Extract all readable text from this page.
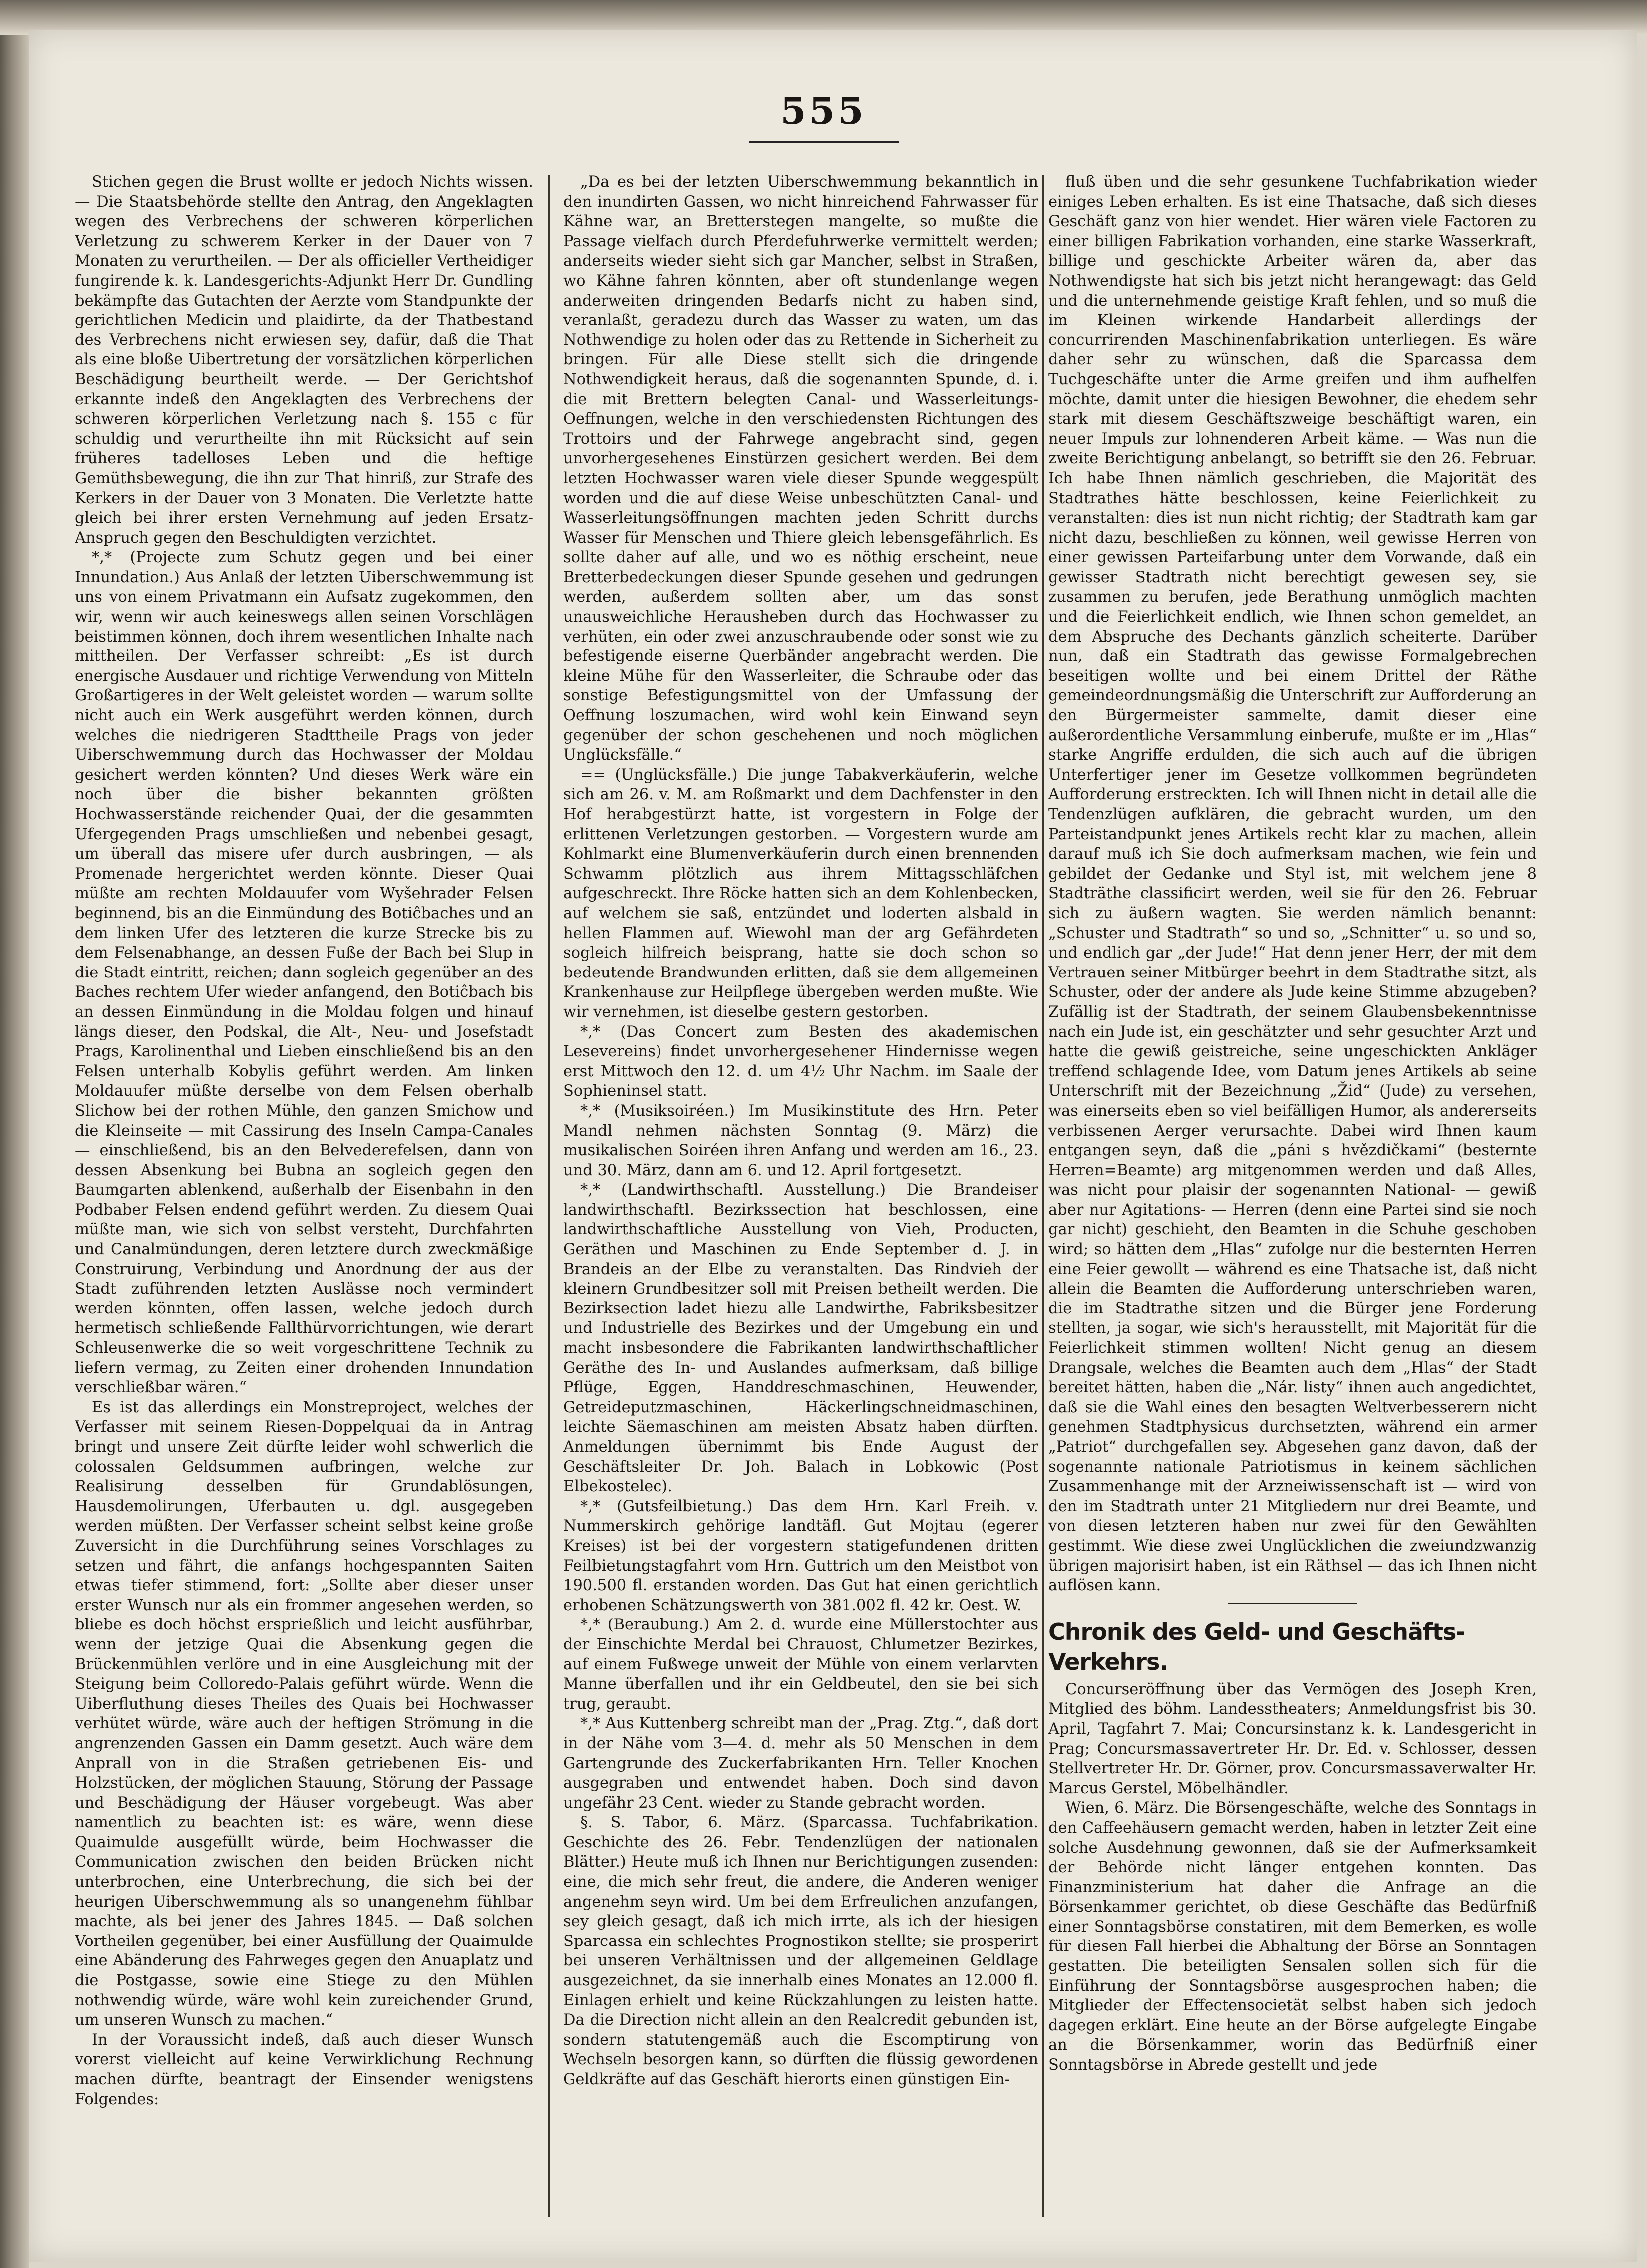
555

Stichen gegen die Brust wollte er jedoch Nichts wissen. — Die Staatsbehörde stellte den Antrag, den Angeklagten wegen des Verbrechens der schweren körperlichen Verletzung zu schwerem Kerker in der Dauer von 7 Monaten zu verurtheilen. — Der als officieller Vertheidiger fungirende k. k. Landesgerichts-Adjunkt Herr Dr. Gundling bekämpfte das Gutachten der Aerzte vom Standpunkte der gerichtlichen Medicin und plaidirte, da der Thatbestand des Verbrechens nicht erwiesen sey, dafür, daß die That als eine bloße Uibertretung der vorsätzlichen körperlichen Beschädigung beurtheilt werde. — Der Gerichtshof erkannte indeß den Angeklagten des Verbrechens der schweren körperlichen Verletzung nach §. 155 c für schuldig und verurtheilte ihn mit Rücksicht auf sein früheres tadelloses Leben und die heftige Gemüthsbewegung, die ihn zur That hinriß, zur Strafe des Kerkers in der Dauer von 3 Monaten. Die Verletzte hatte gleich bei ihrer ersten Vernehmung auf jeden Ersatz-Anspruch gegen den Beschuldigten verzichtet.

*,* (Projecte zum Schutz gegen und bei einer Innundation.) Aus Anlaß der letzten Uiberschwemmung ist uns von einem Privatmann ein Aufsatz zugekommen, den wir, wenn wir auch keineswegs allen seinen Vorschlägen beistimmen können, doch ihrem wesentlichen Inhalte nach mittheilen. Der Verfasser schreibt: „Es ist durch energische Ausdauer und richtige Verwendung von Mitteln Großartigeres in der Welt geleistet worden — warum sollte nicht auch ein Werk ausgeführt werden können, durch welches die niedrigeren Stadttheile Prags von jeder Uiberschwemmung durch das Hochwasser der Moldau gesichert werden könnten? Und dieses Werk wäre ein noch über die bisher bekannten größten Hochwasserstände reichender Quai, der die gesammten Ufergegenden Prags umschließen und nebenbei gesagt, um überall das misere ufer durch ausbringen, — als Promenade hergerichtet werden könnte. Dieser Quai müßte am rechten Moldauufer vom Wyšehrader Felsen beginnend, bis an die Einmündung des Botiĉbaches und an dem linken Ufer des letzteren die kurze Strecke bis zu dem Felsenabhange, an dessen Fuße der Bach bei Slup in die Stadt eintritt, reichen; dann sogleich gegenüber an des Baches rechtem Ufer wieder anfangend, den Botiĉbach bis an dessen Einmündung in die Moldau folgen und hinauf längs dieser, den Podskal, die Alt-, Neu- und Josefstadt Prags, Karolinenthal und Lieben einschließend bis an den Felsen unterhalb Kobylis geführt werden. Am linken Moldauufer müßte derselbe von dem Felsen oberhalb Slichow bei der rothen Mühle, den ganzen Smichow und die Kleinseite — mit Cassirung des Inseln Campa-Canales — einschließend, bis an den Belvederefelsen, dann von dessen Absenkung bei Bubna an sogleich gegen den Baumgarten ablenkend, außerhalb der Eisenbahn in den Podbaber Felsen endend geführt werden. Zu diesem Quai müßte man, wie sich von selbst versteht, Durchfahrten und Canalmündungen, deren letztere durch zweckmäßige Construirung, Verbindung und Anordnung der aus der Stadt zuführenden letzten Auslässe noch vermindert werden könnten, offen lassen, welche jedoch durch hermetisch schließende Fallthürvorrichtungen, wie derart Schleusenwerke die so weit vorgeschrittene Technik zu liefern vermag, zu Zeiten einer drohenden Innundation verschließbar wären.“

Es ist das allerdings ein Monstreproject, welches der Verfasser mit seinem Riesen-Doppelquai da in Antrag bringt und unsere Zeit dürfte leider wohl schwerlich die colossalen Geldsummen aufbringen, welche zur Realisirung desselben für Grundablösungen, Hausdemolirungen, Uferbauten u. dgl. ausgegeben werden müßten. Der Verfasser scheint selbst keine große Zuversicht in die Durchführung seines Vorschlages zu setzen und fährt, die anfangs hochgespannten Saiten etwas tiefer stimmend, fort: „Sollte aber dieser unser erster Wunsch nur als ein frommer angesehen werden, so bliebe es doch höchst ersprießlich und leicht ausführbar, wenn der jetzige Quai die Absenkung gegen die Brückenmühlen verlöre und in eine Ausgleichung mit der Steigung beim Colloredo-Palais geführt würde. Wenn die Uiberfluthung dieses Theiles des Quais bei Hochwasser verhütet würde, wäre auch der heftigen Strömung in die angrenzenden Gassen ein Damm gesetzt. Auch wäre dem Anprall von in die Straßen getriebenen Eis- und Holzstücken, der möglichen Stauung, Störung der Passage und Beschädigung der Häuser vorgebeugt. Was aber namentlich zu beachten ist: es wäre, wenn diese Quaimulde ausgefüllt würde, beim Hochwasser die Communication zwischen den beiden Brücken nicht unterbrochen, eine Unterbrechung, die sich bei der heurigen Uiberschwemmung als so unangenehm fühlbar machte, als bei jener des Jahres 1845. — Daß solchen Vortheilen gegenüber, bei einer Ausfüllung der Quaimulde eine Abänderung des Fahrweges gegen den Anuaplatz und die Postgasse, sowie eine Stiege zu den Mühlen nothwendig würde, wäre wohl kein zureichender Grund, um unseren Wunsch zu machen.“

In der Voraussicht indeß, daß auch dieser Wunsch vorerst vielleicht auf keine Verwirklichung Rechnung machen dürfte, beantragt der Einsender wenigstens Folgendes:

„Da es bei der letzten Uiberschwemmung bekanntlich in den inundirten Gassen, wo nicht hinreichend Fahrwasser für Kähne war, an Bretterstegen mangelte, so mußte die Passage vielfach durch Pferdefuhrwerke vermittelt werden; anderseits wieder sieht sich gar Mancher, selbst in Straßen, wo Kähne fahren könnten, aber oft stundenlange wegen anderweiten dringenden Bedarfs nicht zu haben sind, veranlaßt, geradezu durch das Wasser zu waten, um das Nothwendige zu holen oder das zu Rettende in Sicherheit zu bringen. Für alle Diese stellt sich die dringende Nothwendigkeit heraus, daß die sogenannten Spunde, d. i. die mit Brettern belegten Canal- und Wasserleitungs-Oeffnungen, welche in den verschiedensten Richtungen des Trottoirs und der Fahrwege angebracht sind, gegen unvorhergesehenes Einstürzen gesichert werden. Bei dem letzten Hochwasser waren viele dieser Spunde weggespült worden und die auf diese Weise unbeschützten Canal- und Wasserleitungsöffnungen machten jeden Schritt durchs Wasser für Menschen und Thiere gleich lebensgefährlich. Es sollte daher auf alle, und wo es nöthig erscheint, neue Bretterbedeckungen dieser Spunde gesehen und gedrungen werden, außerdem sollten aber, um das sonst unausweichliche Herausheben durch das Hochwasser zu verhüten, ein oder zwei anzuschraubende oder sonst wie zu befestigende eiserne Querbänder angebracht werden. Die kleine Mühe für den Wasserleiter, die Schraube oder das sonstige Befestigungsmittel von der Umfassung der Oeffnung loszumachen, wird wohl kein Einwand seyn gegenüber der schon geschehenen und noch möglichen Unglücksfälle.“

== (Unglücksfälle.) Die junge Tabakverkäuferin, welche sich am 26. v. M. am Roßmarkt und dem Dachfenster in den Hof herabgestürzt hatte, ist vorgestern in Folge der erlittenen Verletzungen gestorben. — Vorgestern wurde am Kohlmarkt eine Blumenverkäuferin durch einen brennenden Schwamm plötzlich aus ihrem Mittagsschläfchen aufgeschreckt. Ihre Röcke hatten sich an dem Kohlenbecken, auf welchem sie saß, entzündet und loderten alsbald in hellen Flammen auf. Wiewohl man der arg Gefährdeten sogleich hilfreich beisprang, hatte sie doch schon so bedeutende Brandwunden erlitten, daß sie dem allgemeinen Krankenhause zur Heilpflege übergeben werden mußte. Wie wir vernehmen, ist dieselbe gestern gestorben.

*,* (Das Concert zum Besten des akademischen Lesevereins) findet unvorhergesehener Hindernisse wegen erst Mittwoch den 12. d. um 4½ Uhr Nachm. im Saale der Sophieninsel statt.

*,* (Musiksoiréen.) Im Musikinstitute des Hrn. Peter Mandl nehmen nächsten Sonntag (9. März) die musikalischen Soiréen ihren Anfang und werden am 16., 23. und 30. März, dann am 6. und 12. April fortgesetzt.

*,* (Landwirthschaftl. Ausstellung.) Die Brandeiser landwirthschaftl. Bezirkssection hat beschlossen, eine landwirthschaftliche Ausstellung von Vieh, Producten, Geräthen und Maschinen zu Ende September d. J. in Brandeis an der Elbe zu veranstalten. Das Rindvieh der kleinern Grundbesitzer soll mit Preisen betheilt werden. Die Bezirksection ladet hiezu alle Landwirthe, Fabriksbesitzer und Industrielle des Bezirkes und der Umgebung ein und macht insbesondere die Fabrikanten landwirthschaftlicher Geräthe des In- und Auslandes aufmerksam, daß billige Pflüge, Eggen, Handdreschmaschinen, Heuwender, Getreideputzmaschinen, Häckerlingschneidmaschinen, leichte Säemaschinen am meisten Absatz haben dürften. Anmeldungen übernimmt bis Ende August der Geschäftsleiter Dr. Joh. Balach in Lobkowic (Post Elbekostelec).

*,* (Gutsfeilbietung.) Das dem Hrn. Karl Freih. v. Nummerskirch gehörige landtäfl. Gut Mojtau (egerer Kreises) ist bei der vorgestern statigefundenen dritten Feilbietungstagfahrt vom Hrn. Guttrich um den Meistbot von 190.500 fl. erstanden worden. Das Gut hat einen gerichtlich erhobenen Schätzungswerth von 381.002 fl. 42 kr. Oest. W.

*,* (Beraubung.) Am 2. d. wurde eine Müllerstochter aus der Einschichte Merdal bei Chrauost, Chlumetzer Bezirkes, auf einem Fußwege unweit der Mühle von einem verlarvten Manne überfallen und ihr ein Geldbeutel, den sie bei sich trug, geraubt.

*,* Aus Kuttenberg schreibt man der „Prag. Ztg.“, daß dort in der Nähe vom 3—4. d. mehr als 50 Menschen in dem Gartengrunde des Zuckerfabrikanten Hrn. Teller Knochen ausgegraben und entwendet haben. Doch sind davon ungefähr 23 Cent. wieder zu Stande gebracht worden.

§. S. Tabor, 6. März. (Sparcassa. Tuchfabrikation. Geschichte des 26. Febr. Tendenzlügen der nationalen Blätter.) Heute muß ich Ihnen nur Berichtigungen zusenden: eine, die mich sehr freut, die andere, die Anderen weniger angenehm seyn wird. Um bei dem Erfreulichen anzufangen, sey gleich gesagt, daß ich mich irrte, als ich der hiesigen Sparcassa ein schlechtes Prognostikon stellte; sie prosperirt bei unseren Verhältnissen und der allgemeinen Geldlage ausgezeichnet, da sie innerhalb eines Monates an 12.000 fl. Einlagen erhielt und keine Rückzahlungen zu leisten hatte. Da die Direction nicht allein an den Realcredit gebunden ist, sondern statutengemäß auch die Escomptirung von Wechseln besorgen kann, so dürften die flüssig gewordenen Geldkräfte auf das Geschäft hierorts einen günstigen Ein-

fluß üben und die sehr gesunkene Tuchfabrikation wieder einiges Leben erhalten. Es ist eine Thatsache, daß sich dieses Geschäft ganz von hier wendet. Hier wären viele Factoren zu einer billigen Fabrikation vorhanden, eine starke Wasserkraft, billige und geschickte Arbeiter wären da, aber das Nothwendigste hat sich bis jetzt nicht herangewagt: das Geld und die unternehmende geistige Kraft fehlen, und so muß die im Kleinen wirkende Handarbeit allerdings der concurrirenden Maschinenfabrikation unterliegen. Es wäre daher sehr zu wünschen, daß die Sparcassa dem Tuchgeschäfte unter die Arme greifen und ihm aufhelfen möchte, damit unter die hiesigen Bewohner, die ehedem sehr stark mit diesem Geschäftszweige beschäftigt waren, ein neuer Impuls zur lohnenderen Arbeit käme. — Was nun die zweite Berichtigung anbelangt, so betrifft sie den 26. Februar. Ich habe Ihnen nämlich geschrieben, die Majorität des Stadtrathes hätte beschlossen, keine Feierlichkeit zu veranstalten: dies ist nun nicht richtig; der Stadtrath kam gar nicht dazu, beschließen zu können, weil gewisse Herren von einer gewissen Parteifarbung unter dem Vorwande, daß ein gewisser Stadtrath nicht berechtigt gewesen sey, sie zusammen zu berufen, jede Berathung unmöglich machten und die Feierlichkeit endlich, wie Ihnen schon gemeldet, an dem Abspruche des Dechants gänzlich scheiterte. Darüber nun, daß ein Stadtrath das gewisse Formalgebrechen beseitigen wollte und bei einem Drittel der Räthe gemeindeordnungsmäßig die Unterschrift zur Aufforderung an den Bürgermeister sammelte, damit dieser eine außerordentliche Versammlung einberufe, mußte er im „Hlas“ starke Angriffe erdulden, die sich auch auf die übrigen Unterfertiger jener im Gesetze vollkommen begründeten Aufforderung erstreckten. Ich will Ihnen nicht in detail alle die Tendenzlügen aufklären, die gebracht wurden, um den Parteistandpunkt jenes Artikels recht klar zu machen, allein darauf muß ich Sie doch aufmerksam machen, wie fein und gebildet der Gedanke und Styl ist, mit welchem jene 8 Stadträthe classificirt werden, weil sie für den 26. Februar sich zu äußern wagten. Sie werden nämlich benannt: „Schuster und Stadtrath“ so und so, „Schnitter“ u. so und so, und endlich gar „der Jude!“ Hat denn jener Herr, der mit dem Vertrauen seiner Mitbürger beehrt in dem Stadtrathe sitzt, als Schuster, oder der andere als Jude keine Stimme abzugeben? Zufällig ist der Stadtrath, der seinem Glaubensbekenntnisse nach ein Jude ist, ein geschätzter und sehr gesuchter Arzt und hatte die gewiß geistreiche, seine ungeschickten Ankläger treffend schlagende Idee, vom Datum jenes Artikels ab seine Unterschrift mit der Bezeichnung „Žid“ (Jude) zu versehen, was einerseits eben so viel beifälligen Humor, als andererseits verbissenen Aerger verursachte. Dabei wird Ihnen kaum entgangen seyn, daß die „páni s hvězdičkami“ (besternte Herren=Beamte) arg mitgenommen werden und daß Alles, was nicht pour plaisir der sogenannten National- — gewiß aber nur Agitations- — Herren (denn eine Partei sind sie noch gar nicht) geschieht, den Beamten in die Schuhe geschoben wird; so hätten dem „Hlas“ zufolge nur die besternten Herren eine Feier gewollt — während es eine Thatsache ist, daß nicht allein die Beamten die Aufforderung unterschrieben waren, die im Stadtrathe sitzen und die Bürger jene Forderung stellten, ja sogar, wie sich's herausstellt, mit Majorität für die Feierlichkeit stimmen wollten! Nicht genug an diesem Drangsale, welches die Beamten auch dem „Hlas“ der Stadt bereitet hätten, haben die „Nár. listy“ ihnen auch angedichtet, daß sie die Wahl eines den besagten Weltverbesserern nicht genehmen Stadtphysicus durchsetzten, während ein armer „Patriot“ durchgefallen sey. Abgesehen ganz davon, daß der sogenannte nationale Patriotismus in keinem sächlichen Zusammenhange mit der Arzneiwissenschaft ist — wird von den im Stadtrath unter 21 Mitgliedern nur drei Beamte, und von diesen letzteren haben nur zwei für den Gewählten gestimmt. Wie diese zwei Unglücklichen die zweiundzwanzig übrigen majorisirt haben, ist ein Räthsel — das ich Ihnen nicht auflösen kann.

Chronik des Geld- und Geschäfts-Verkehrs.

Concurseröffnung über das Vermögen des Joseph Kren, Mitglied des böhm. Landesstheaters; Anmeldungsfrist bis 30. April, Tagfahrt 7. Mai; Concursinstanz k. k. Landesgericht in Prag; Concursmassavertreter Hr. Dr. Ed. v. Schlosser, dessen Stellvertreter Hr. Dr. Görner, prov. Concursmassaverwalter Hr. Marcus Gerstel, Möbelhändler.

Wien, 6. März. Die Börsengeschäfte, welche des Sonntags in den Caffeehäusern gemacht werden, haben in letzter Zeit eine solche Ausdehnung gewonnen, daß sie der Aufmerksamkeit der Behörde nicht länger entgehen konnten. Das Finanzministerium hat daher die Anfrage an die Börsenkammer gerichtet, ob diese Geschäfte das Bedürfniß einer Sonntagsbörse constatiren, mit dem Bemerken, es wolle für diesen Fall hierbei die Abhaltung der Börse an Sonntagen gestatten. Die beteiligten Sensalen sollen sich für die Einführung der Sonntagsbörse ausgesprochen haben; die Mitglieder der Effectensocietät selbst haben sich jedoch dagegen erklärt. Eine heute an der Börse aufgelegte Eingabe an die Börsenkammer, worin das Bedürfniß einer Sonntagsbörse in Abrede gestellt und jede
